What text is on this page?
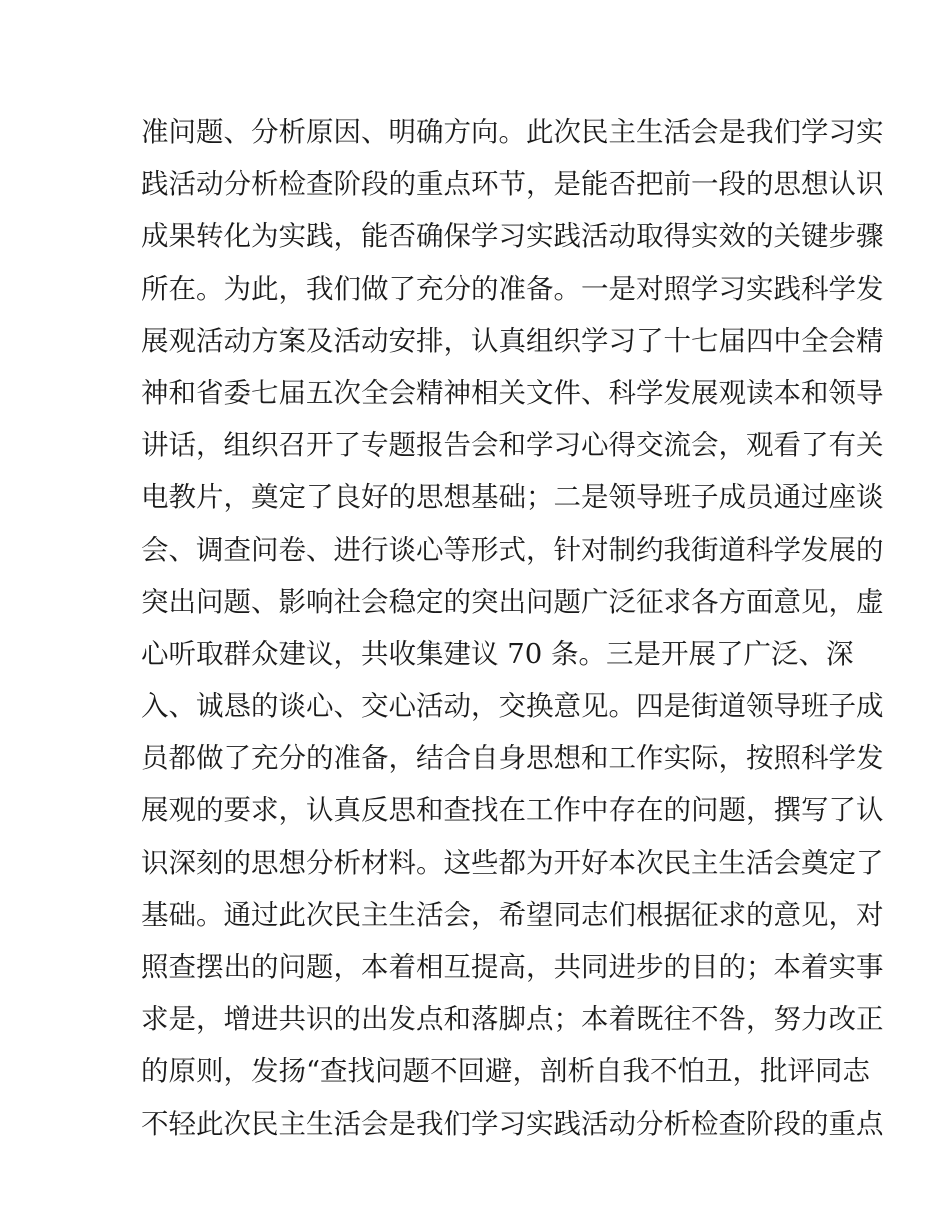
准问题、分析原因、明确方向。此次民主生活会是我们学习实
践活动分析检查阶段的重点环节，是能否把前一段的思想认识
成果转化为实践，能否确保学习实践活动取得实效的关键步骤
所在。为此，我们做了充分的准备。一是对照学习实践科学发
展观活动方案及活动安排，认真组织学习了十七届四中全会精
神和省委七届五次全会精神相关文件、科学发展观读本和领导
讲话，组织召开了专题报告会和学习心得交流会，观看了有关
电教片，奠定了良好的思想基础；二是领导班子成员通过座谈
会、调查问卷、进行谈心等形式，针对制约我街道科学发展的
突出问题、影响社会稳定的突出问题广泛征求各方面意见，虚
心听取群众建议，共收集建议 70 条。三是开展了广泛、深
入、诚恳的谈心、交心活动，交换意见。四是街道领导班子成
员都做了充分的准备，结合自身思想和工作实际，按照科学发
展观的要求，认真反思和查找在工作中存在的问题，撰写了认
识深刻的思想分析材料。这些都为开好本次民主生活会奠定了
基础。通过此次民主生活会，希望同志们根据征求的意见，对
照查摆出的问题，本着相互提高，共同进步的目的；本着实事
求是，增进共识的出发点和落脚点；本着既往不咎，努力改正
的原则，发扬“查找问题不回避，剖析自我不怕丑，批评同志
不轻此次民主生活会是我们学习实践活动分析检查阶段的重点
